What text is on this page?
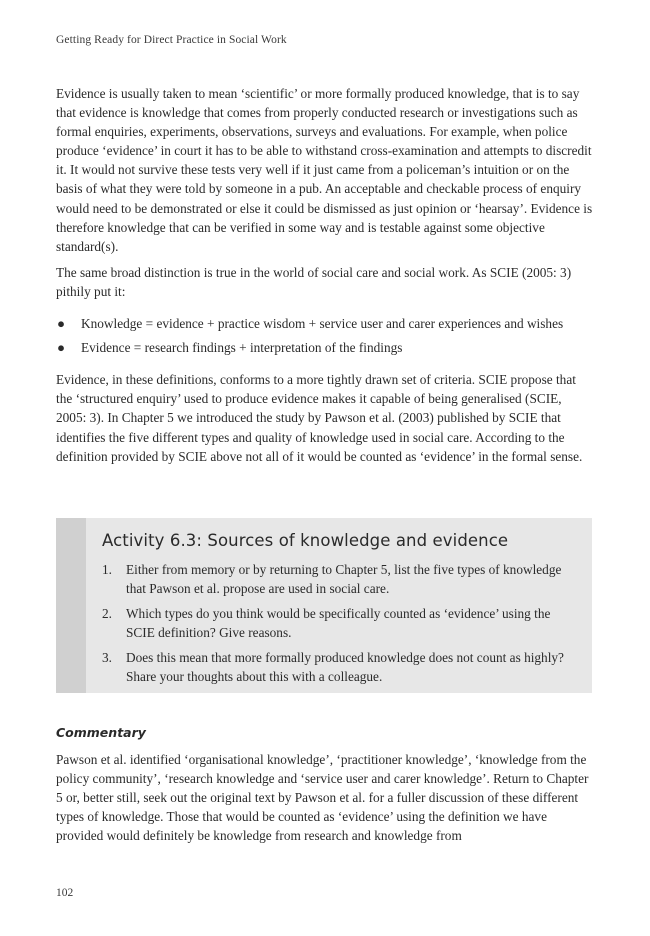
Getting Ready for Direct Practice in Social Work

Evidence is usually taken to mean ‘scientific’ or more formally produced knowledge, that is to say that evidence is knowledge that comes from properly conducted research or investigations such as formal enquiries, experiments, observations, surveys and evaluations. For example, when police produce ‘evidence’ in court it has to be able to withstand cross-examination and attempts to discredit it. It would not survive these tests very well if it just came from a policeman’s intuition or on the basis of what they were told by someone in a pub. An acceptable and checkable process of enquiry would need to be demonstrated or else it could be dismissed as just opinion or ‘hearsay’. Evidence is therefore knowledge that can be verified in some way and is testable against some objective standard(s).

The same broad distinction is true in the world of social care and social work. As SCIE (2005: 3) pithily put it:

● Knowledge = evidence + practice wisdom + service user and carer experiences and wishes
● Evidence = research findings + interpretation of the findings

Evidence, in these definitions, conforms to a more tightly drawn set of criteria. SCIE propose that the ‘structured enquiry’ used to produce evidence makes it capable of being generalised (SCIE, 2005: 3). In Chapter 5 we introduced the study by Pawson et al. (2003) published by SCIE that identifies the five different types and quality of knowledge used in social care. According to the definition provided by SCIE above not all of it would be counted as ‘evidence’ in the formal sense.

Activity 6.3: Sources of knowledge and evidence
1. Either from memory or by returning to Chapter 5, list the five types of knowledge that Pawson et al. propose are used in social care.
2. Which types do you think would be specifically counted as ‘evidence’ using the SCIE definition? Give reasons.
3. Does this mean that more formally produced knowledge does not count as highly? Share your thoughts about this with a colleague.
Commentary

Pawson et al. identified ‘organisational knowledge’, ‘practitioner knowledge’, ‘knowledge from the policy community’, ‘research knowledge and ‘service user and carer knowledge’. Return to Chapter 5 or, better still, seek out the original text by Pawson et al. for a fuller discussion of these different types of knowledge. Those that would be counted as ‘evidence’ using the definition we have provided would definitely be knowledge from research and knowledge from

102
